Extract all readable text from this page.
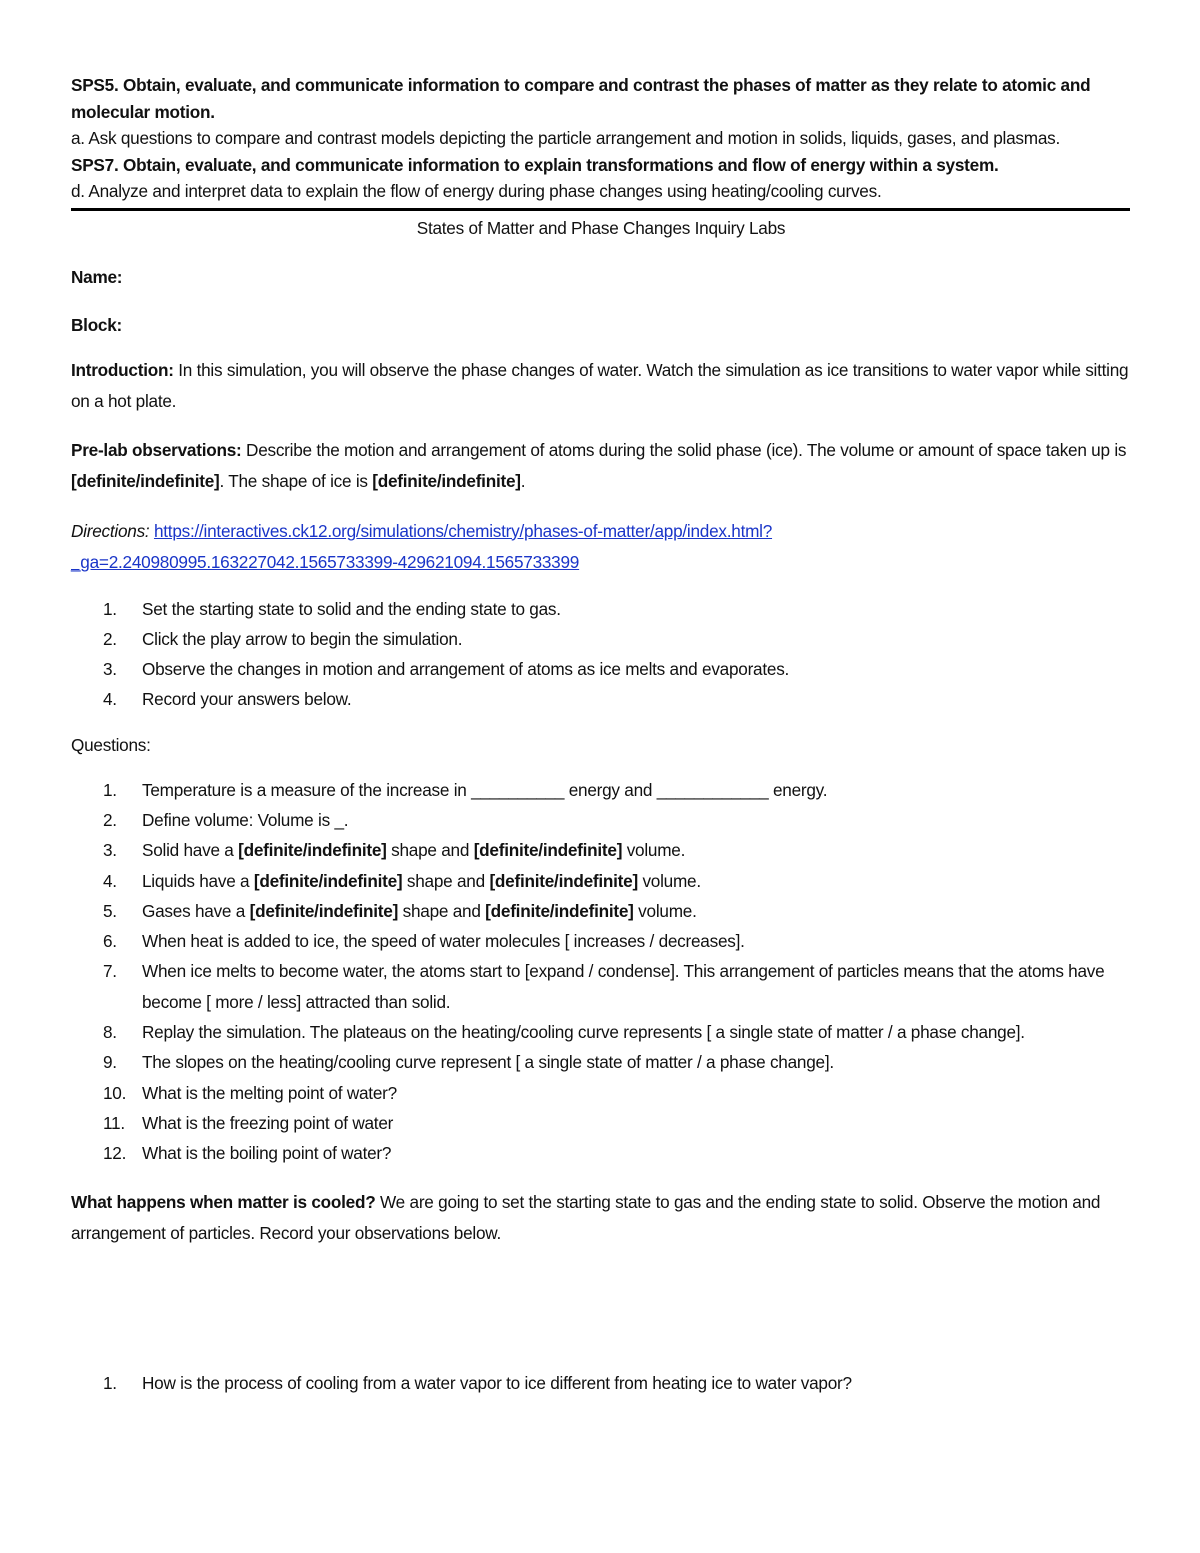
SPS5. Obtain, evaluate, and communicate information to compare and contrast the phases of matter as they relate to atomic and molecular motion.

a. Ask questions to compare and contrast models depicting the particle arrangement and motion in solids, liquids, gases, and plasmas.

SPS7. Obtain, evaluate, and communicate information to explain transformations and flow of energy within a system.

d. Analyze and interpret data to explain the flow of energy during phase changes using heating/cooling curves.

States of Matter and Phase Changes Inquiry Labs

Name:

Block:

Introduction: In this simulation, you will observe the phase changes of water. Watch the simulation as ice transitions to water vapor while sitting on a hot plate.

Pre-lab observations: Describe the motion and arrangement of atoms during the solid phase (ice). The volume or amount of space taken up is [definite/indefinite]. The shape of ice is [definite/indefinite].

Directions: https://interactives.ck12.org/simulations/chemistry/phases-of-matter/app/index.html?
_ga=2.240980995.163227042.1565733399-429621094.1565733399

1. Set the starting state to solid and the ending state to gas.
2. Click the play arrow to begin the simulation.
3. Observe the changes in motion and arrangement of atoms as ice melts and evaporates.
4. Record your answers below.

Questions:

1. Temperature is a measure of the increase in __________ energy and ____________ energy.
2. Define volume: Volume is _.
3. Solid have a [definite/indefinite] shape and [definite/indefinite] volume.
4. Liquids have a [definite/indefinite] shape and [definite/indefinite] volume.
5. Gases have a [definite/indefinite] shape and [definite/indefinite] volume.
6. When heat is added to ice, the speed of water molecules [ increases / decreases].
7. When ice melts to become water, the atoms start to [expand / condense]. This arrangement of particles means that the atoms have become [ more / less] attracted than solid.
8. Replay the simulation. The plateaus on the heating/cooling curve represents [ a single state of matter / a phase change].
9. The slopes on the heating/cooling curve represent [ a single state of matter / a phase change].
10. What is the melting point of water?
11. What is the freezing point of water
12. What is the boiling point of water?

What happens when matter is cooled? We are going to set the starting state to gas and the ending state to solid. Observe the motion and arrangement of particles. Record your observations below.

1. How is the process of cooling from a water vapor to ice different from heating ice to water vapor?
